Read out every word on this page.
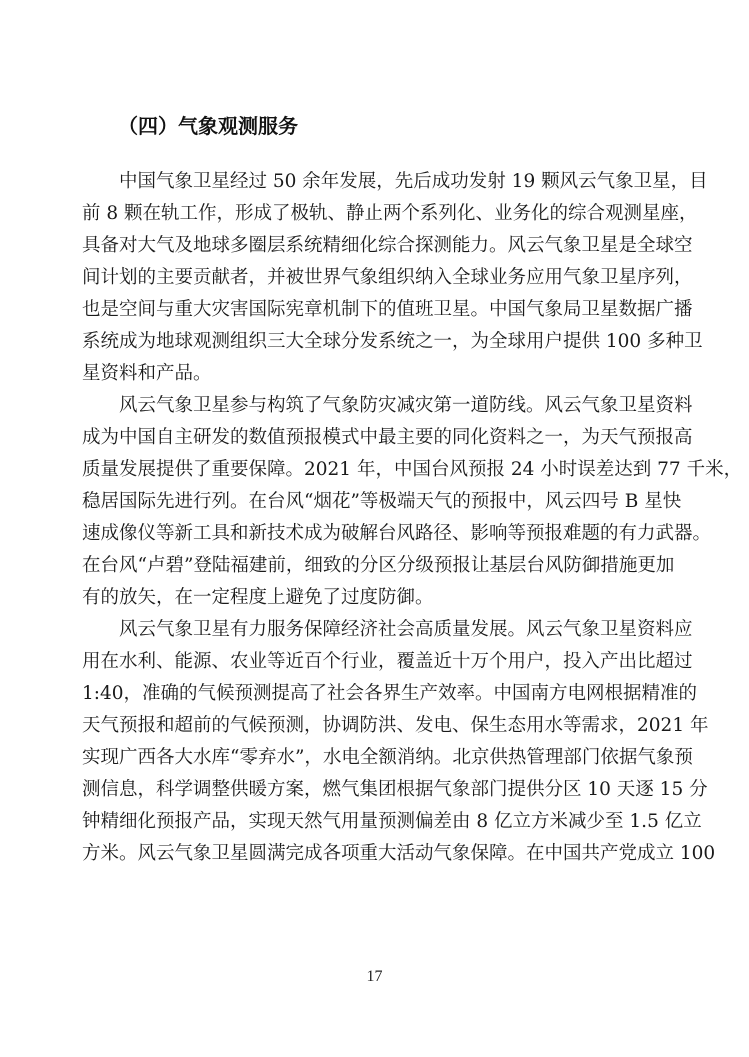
（四）气象观测服务
中国气象卫星经过 50 余年发展，先后成功发射 19 颗风云气象卫星，目
前 8 颗在轨工作，形成了极轨、静止两个系列化、业务化的综合观测星座，
具备对大气及地球多圈层系统精细化综合探测能力。风云气象卫星是全球空
间计划的主要贡献者，并被世界气象组织纳入全球业务应用气象卫星序列，
也是空间与重大灾害国际宪章机制下的值班卫星。中国气象局卫星数据广播
系统成为地球观测组织三大全球分发系统之一，为全球用户提供 100 多种卫
星资料和产品。
风云气象卫星参与构筑了气象防灾减灾第一道防线。风云气象卫星资料
成为中国自主研发的数值预报模式中最主要的同化资料之一，为天气预报高
质量发展提供了重要保障。2021 年，中国台风预报 24 小时误差达到 77 千米，
稳居国际先进行列。在台风“烟花”等极端天气的预报中，风云四号 B 星快
速成像仪等新工具和新技术成为破解台风路径、影响等预报难题的有力武器。
在台风“卢碧”登陆福建前，细致的分区分级预报让基层台风防御措施更加
有的放矢，在一定程度上避免了过度防御。
风云气象卫星有力服务保障经济社会高质量发展。风云气象卫星资料应
用在水利、能源、农业等近百个行业，覆盖近十万个用户，投入产出比超过
1:40，准确的气候预测提高了社会各界生产效率。中国南方电网根据精准的
天气预报和超前的气候预测，协调防洪、发电、保生态用水等需求，2021 年
实现广西各大水库“零弃水”，水电全额消纳。北京供热管理部门依据气象预
测信息，科学调整供暖方案，燃气集团根据气象部门提供分区 10 天逐 15 分
钟精细化预报产品，实现天然气用量预测偏差由 8 亿立方米减少至 1.5 亿立
方米。风云气象卫星圆满完成各项重大活动气象保障。在中国共产党成立 100
17
